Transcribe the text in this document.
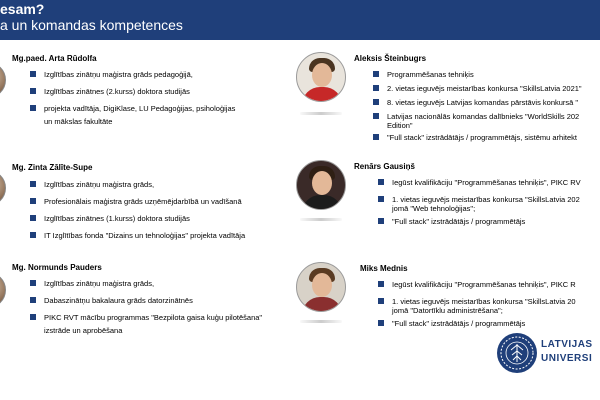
esam?
a un komandas kompetences
Mg.paed. Arta Rūdolfa
Izglītības zinātņu maģistra grāds pedagoģijā,
Izglītības zinātnes (2.kurss) doktora studijās
projekta vadītāja, DigiKlase, LU Pedagoģijas, psiholoģijas
un mākslas fakultāte
Mg. Zinta Zālīte-Supe
Izglītības zinātņu maģistra grāds,
Profesionālais maģistra grāds uzņēmējdarbībā un vadīšanā
Izglītības zinātnes (1.kurss) doktora studijās
IT Izglītības fonda "Dizains un tehnoloģijas" projekta vadītāja
Mg. Normunds Pauders
Izglītības zinātņu maģistra grāds,
Dabaszinātņu bakalaura grāds datorzinātnēs
PIKC RVT mācību programmas "Bezpilota gaisa kuģu pilotēšana"
izstrāde un aprobēšana
Aleksis Šteinbugrs
Programmēšanas tehniķis
2. vietas ieguvējs meistarības konkursa "SkillsLatvia 2021"
8. vietas ieguvējs Latvijas komandas pārstāvis konkursā "
Latvijas nacionālās komandas dalībnieks "WorldSkills 202
Edition"
"Full stack" izstrādātājs / programmētājs, sistēmu arhitekt
Renārs Gausiņš
Iegūst kvalifikāciju "Programmēšanas tehniķis", PIKC RV
1. vietas ieguvējs meistarības konkursa "SkillsLatvia 202
jomā "Web tehnoloģijas";
"Full stack" izstrādātājs / programmētājs
Miks Mednis
Iegūst kvalifikāciju "Programmēšanas tehniķis", PIKC R
1. vietas ieguvējs meistarības konkursa "SkillsLatvia 20
jomā "Datortīklu administrēšana";
"Full stack" izstrādātājs / programmētājs
LATVIJAS
UNIVERSI
